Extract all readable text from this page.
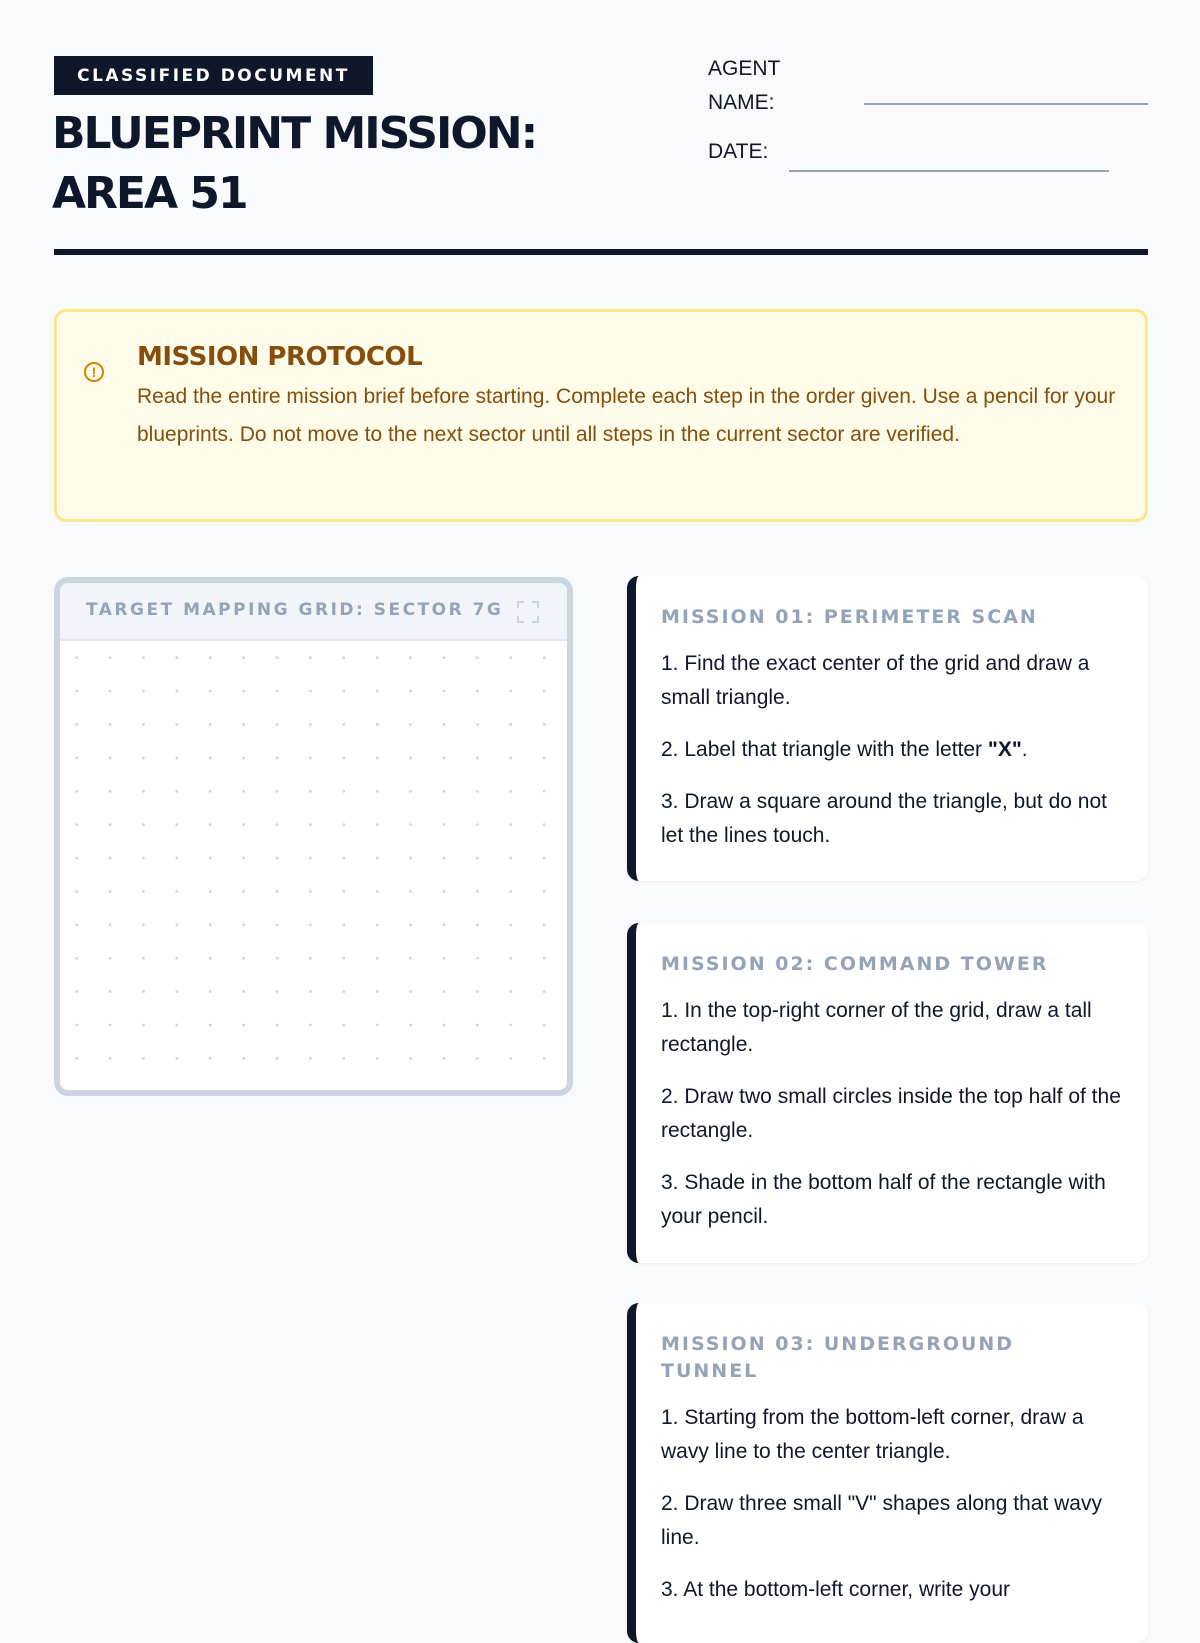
CLASSIFIED DOCUMENT
BLUEPRINT MISSION:
AREA 51
AGENT
NAME:
DATE:
! MISSION PROTOCOL
Read the entire mission brief before starting. Complete each step in the order given. Use a pencil for your blueprints. Do not move to the next sector until all steps in the current sector are verified.
TARGET MAPPING GRID: SECTOR 7G	MISSION 01: PERIMETER SCAN
1. Find the exact center of the grid and draw a small triangle.
2. Label that triangle with the letter "X".
3. Draw a square around the triangle, but do not let the lines touch.
MISSION 02: COMMAND TOWER
1. In the top-right corner of the grid, draw a tall rectangle.
2. Draw two small circles inside the top half of the rectangle.
3. Shade in the bottom half of the rectangle with your pencil.
MISSION 03: UNDERGROUND TUNNEL
1. Starting from the bottom-left corner, draw a wavy line to the center triangle.
2. Draw three small "V" shapes along that wavy line.
3. At the bottom-left corner, write your
